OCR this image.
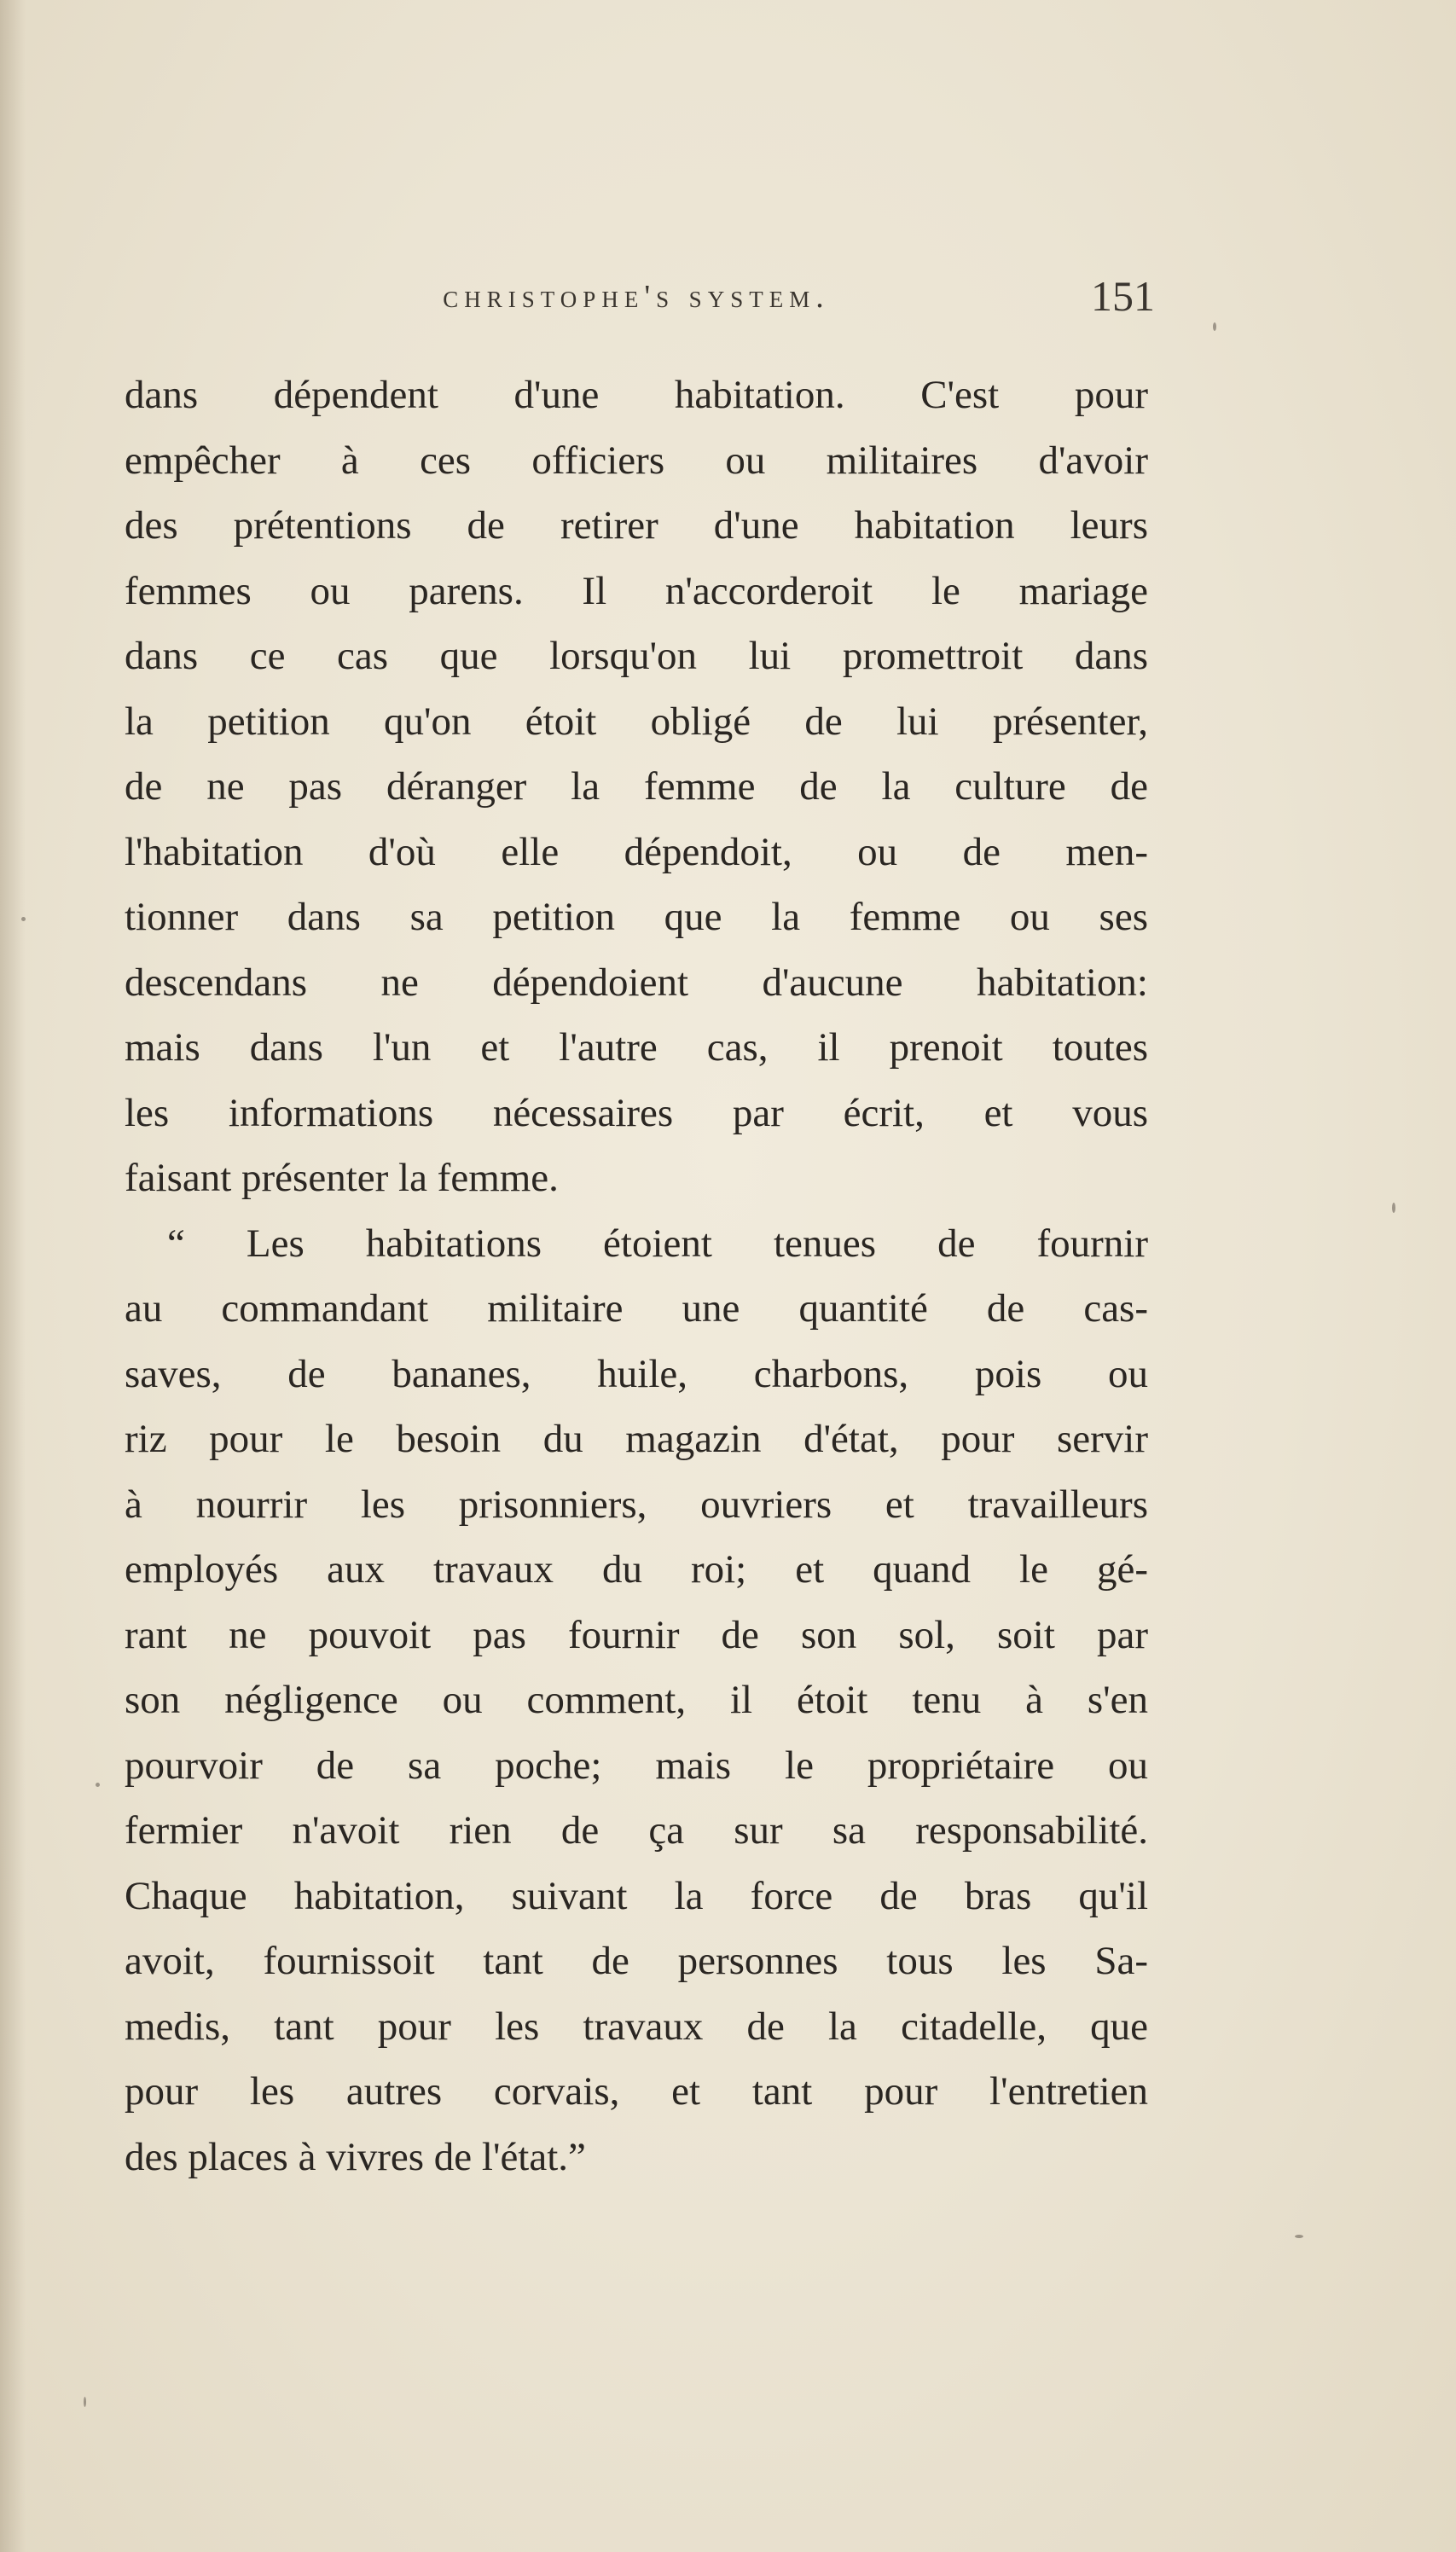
christophe's system.	151
dans dépendent d'une habitation. C'est pour
empêcher à ces officiers ou militaires d'avoir
des prétentions de retirer d'une habitation leurs
femmes ou parens. Il n'accorderoit le mariage
dans ce cas que lorsqu'on lui promettroit dans
la petition qu'on étoit obligé de lui présenter,
de ne pas déranger la femme de la culture de
l'habitation d'où elle dépendoit, ou de men-
tionner dans sa petition que la femme ou ses
descendans ne dépendoient d'aucune habitation:
mais dans l'un et l'autre cas, il prenoit toutes
les informations nécessaires par écrit, et vous
faisant présenter la femme.
“ Les habitations étoient tenues de fournir
au commandant militaire une quantité de cas-
saves, de bananes, huile, charbons, pois ou
riz pour le besoin du magazin d'état, pour servir
à nourrir les prisonniers, ouvriers et travailleurs
employés aux travaux du roi; et quand le gé-
rant ne pouvoit pas fournir de son sol, soit par
son négligence ou comment, il étoit tenu à s'en
pourvoir de sa poche; mais le propriétaire ou
fermier n'avoit rien de ça sur sa responsabilité.
Chaque habitation, suivant la force de bras qu'il
avoit, fournissoit tant de personnes tous les Sa-
medis, tant pour les travaux de la citadelle, que
pour les autres corvais, et tant pour l'entretien
des places à vivres de l'état.”
